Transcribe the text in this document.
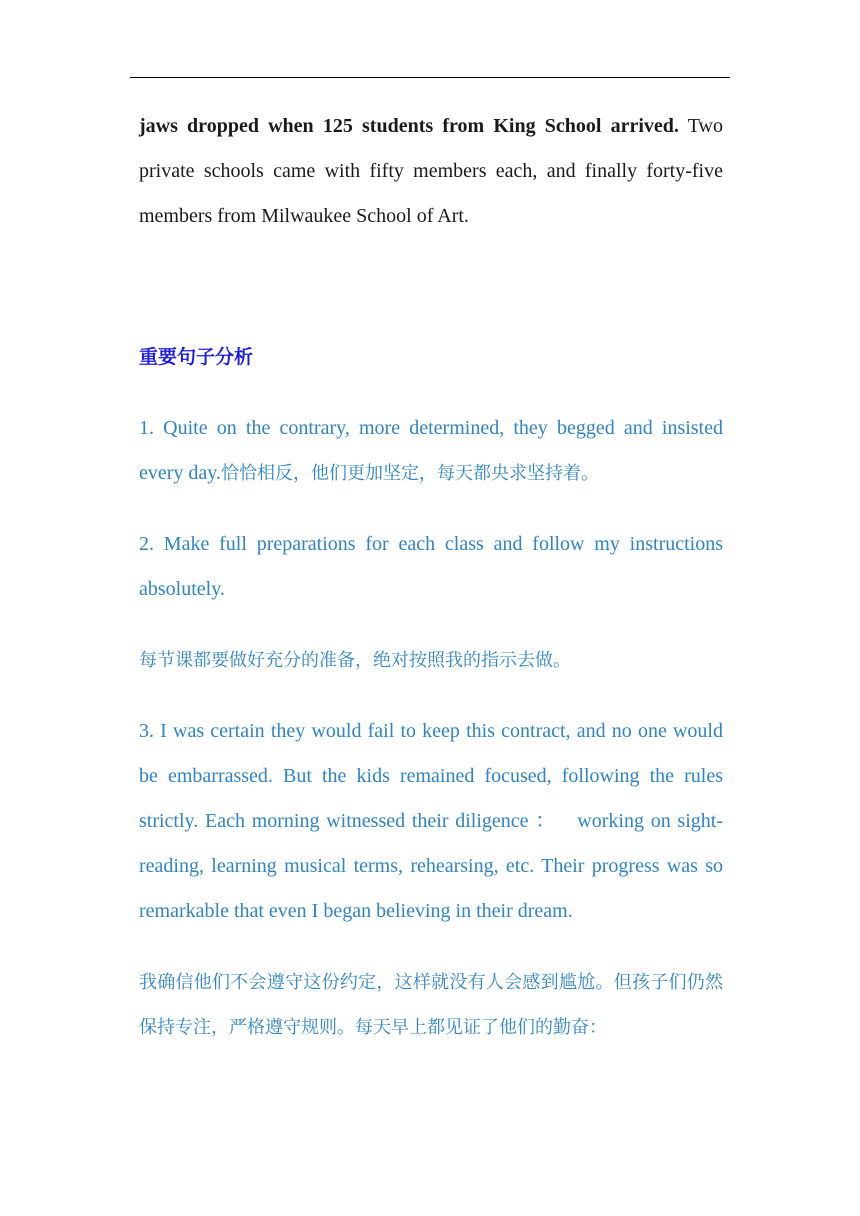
jaws dropped when 125 students from King School arrived. Two private schools came with fifty members each, and finally forty-five members from Milwaukee School of Art.

重要句子分析

1. Quite on the contrary, more determined, they begged and insisted every day.恰恰相反，他们更加坚定，每天都央求坚持着。

2. Make full preparations for each class and follow my instructions absolutely.

每节课都要做好充分的准备，绝对按照我的指示去做。

3. I was certain they would fail to keep this contract, and no one would be embarrassed. But the kids remained focused, following the rules strictly. Each morning witnessed their diligence ：   working on sight-reading, learning musical terms, rehearsing, etc. Their progress was so remarkable that even I began believing in their dream.

我确信他们不会遵守这份约定，这样就没有人会感到尴尬。但孩子们仍然保持专注，严格遵守规则。每天早上都见证了他们的勤奋：
